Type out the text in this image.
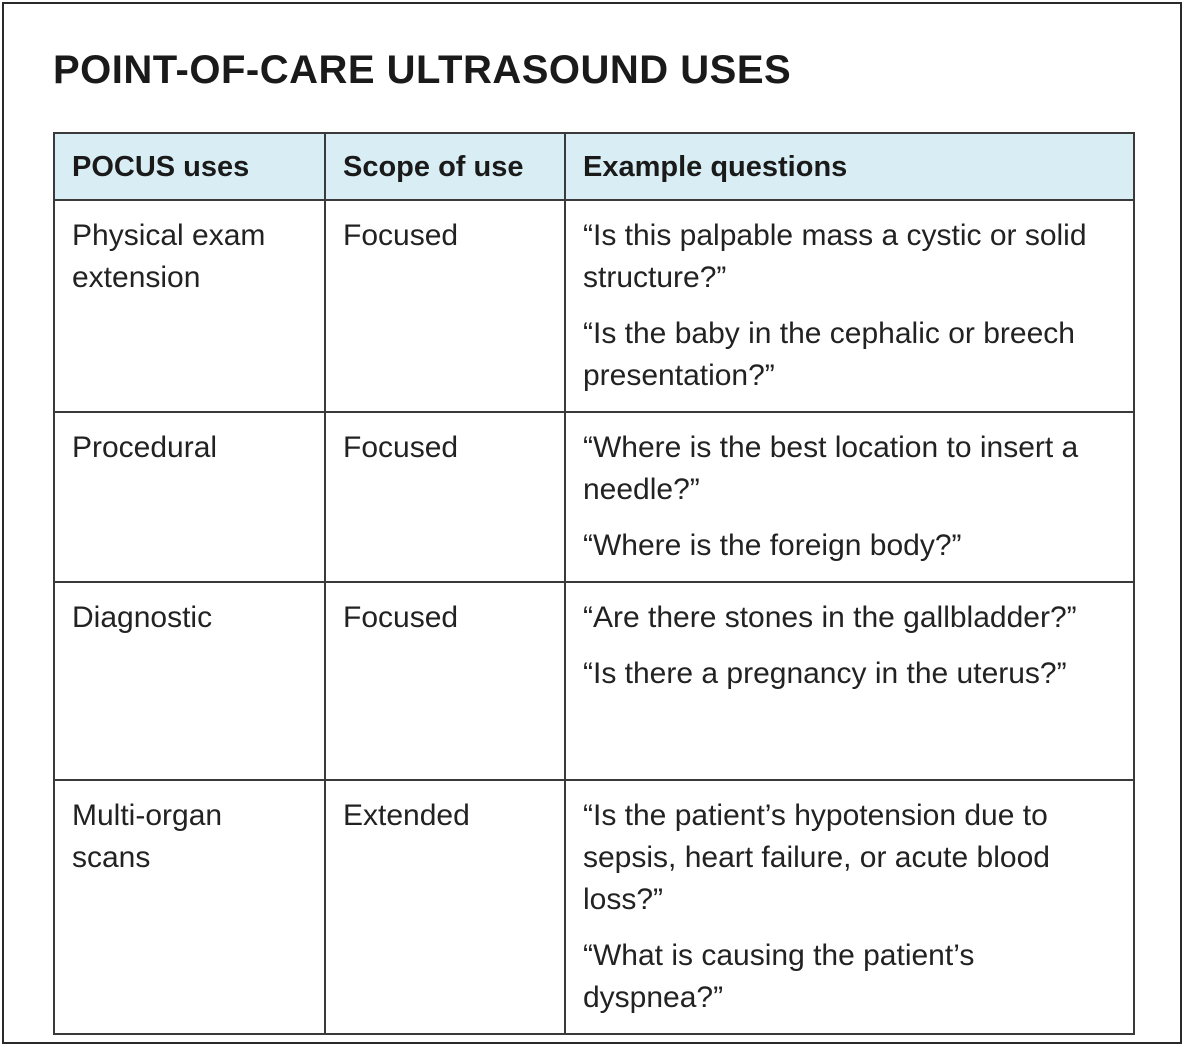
POINT-OF-CARE ULTRASOUND USES
POCUS uses	Scope of use	Example questions
Physical exam extension	Focused	“Is this palpable mass a cystic or solid structure?”
“Is the baby in the cephalic or breech presentation?”

Procedural	Focused	“Where is the best location to insert a needle?”
“Where is the foreign body?”

Diagnostic	Focused	“Are there stones in the gallbladder?”
“Is there a pregnancy in the uterus?”

Multi-organ scans	Extended	“Is the patient’s hypotension due to sepsis, heart failure, or acute blood loss?”
“What is causing the patient’s dyspnea?”
